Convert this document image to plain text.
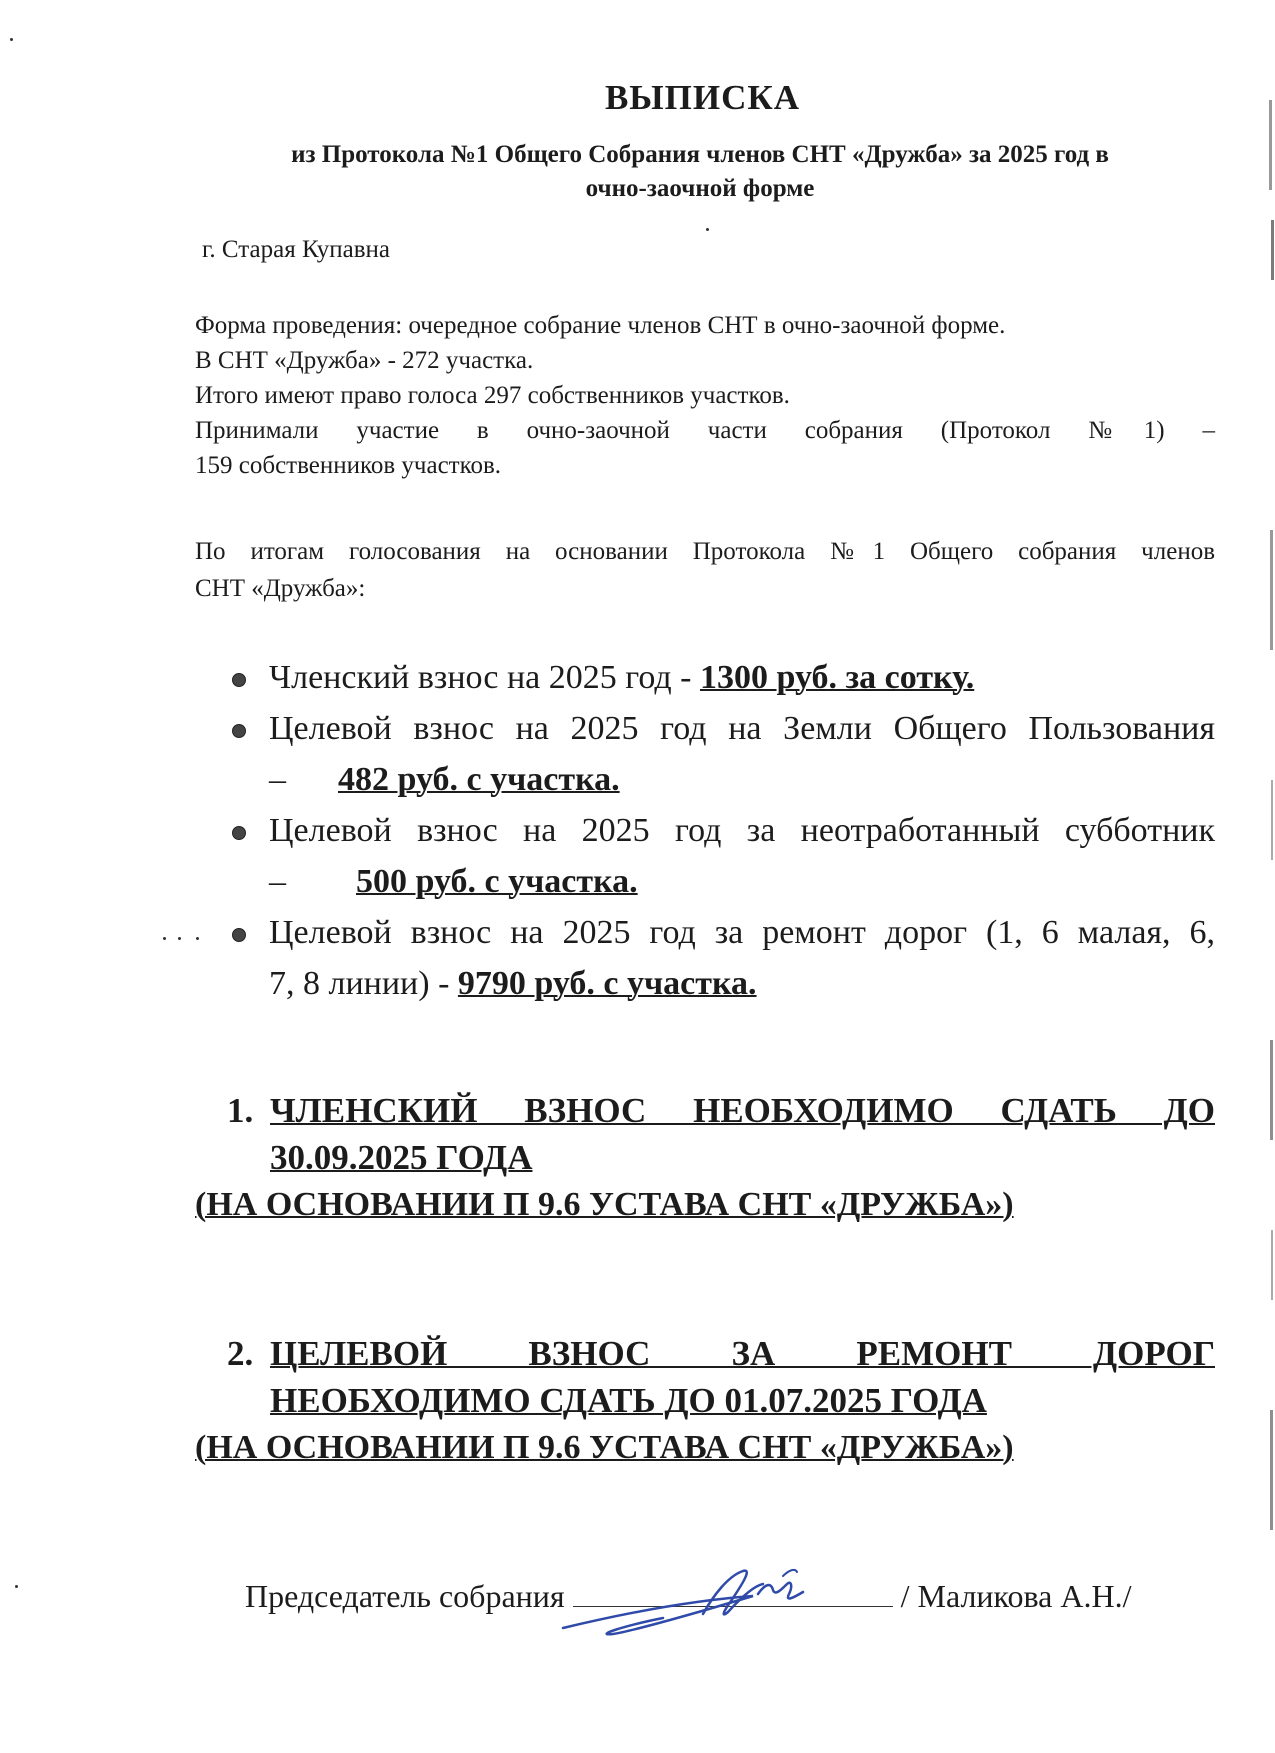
ВЫПИСКА
из Протокола №1 Общего Собрания членов СНТ «Дружба» за 2025 год в
очно-заочной форме
г. Старая Купавна
Форма проведения: очередное собрание членов СНТ в очно-заочной форме.
В СНТ «Дружба» - 272 участка.
Итого имеют право голоса 297 собственников участков.
Принимали участие в очно-заочной части собрания (Протокол №1) –
159 собственников участков.
По итогам голосования на основании Протокола №1 Общего собрания членов
СНТ «Дружба»:
Членский взнос на 2025 год - 1300 руб. за сотку.
Целевой взнос на 2025 год на Земли Общего Пользования
– 482 руб. с участка.
Целевой взнос на 2025 год за неотработанный субботник
– 500 руб. с участка.
Целевой взнос на 2025 год за ремонт дорог (1, 6 малая, 6,
7, 8 линии) - 9790 руб. с участка.
1. ЧЛЕНСКИЙ ВЗНОС НЕОБХОДИМО СДАТЬ ДО
30.09.2025 ГОДА
(НА ОСНОВАНИИ П 9.6 УСТАВА СНТ «ДРУЖБА»)
2. ЦЕЛЕВОЙ ВЗНОС ЗА РЕМОНТ ДОРОГ
НЕОБХОДИМО СДАТЬ ДО 01.07.2025 ГОДА
(НА ОСНОВАНИИ П 9.6 УСТАВА СНТ «ДРУЖБА»)
Председатель собрания	/ Маликова А.Н./
